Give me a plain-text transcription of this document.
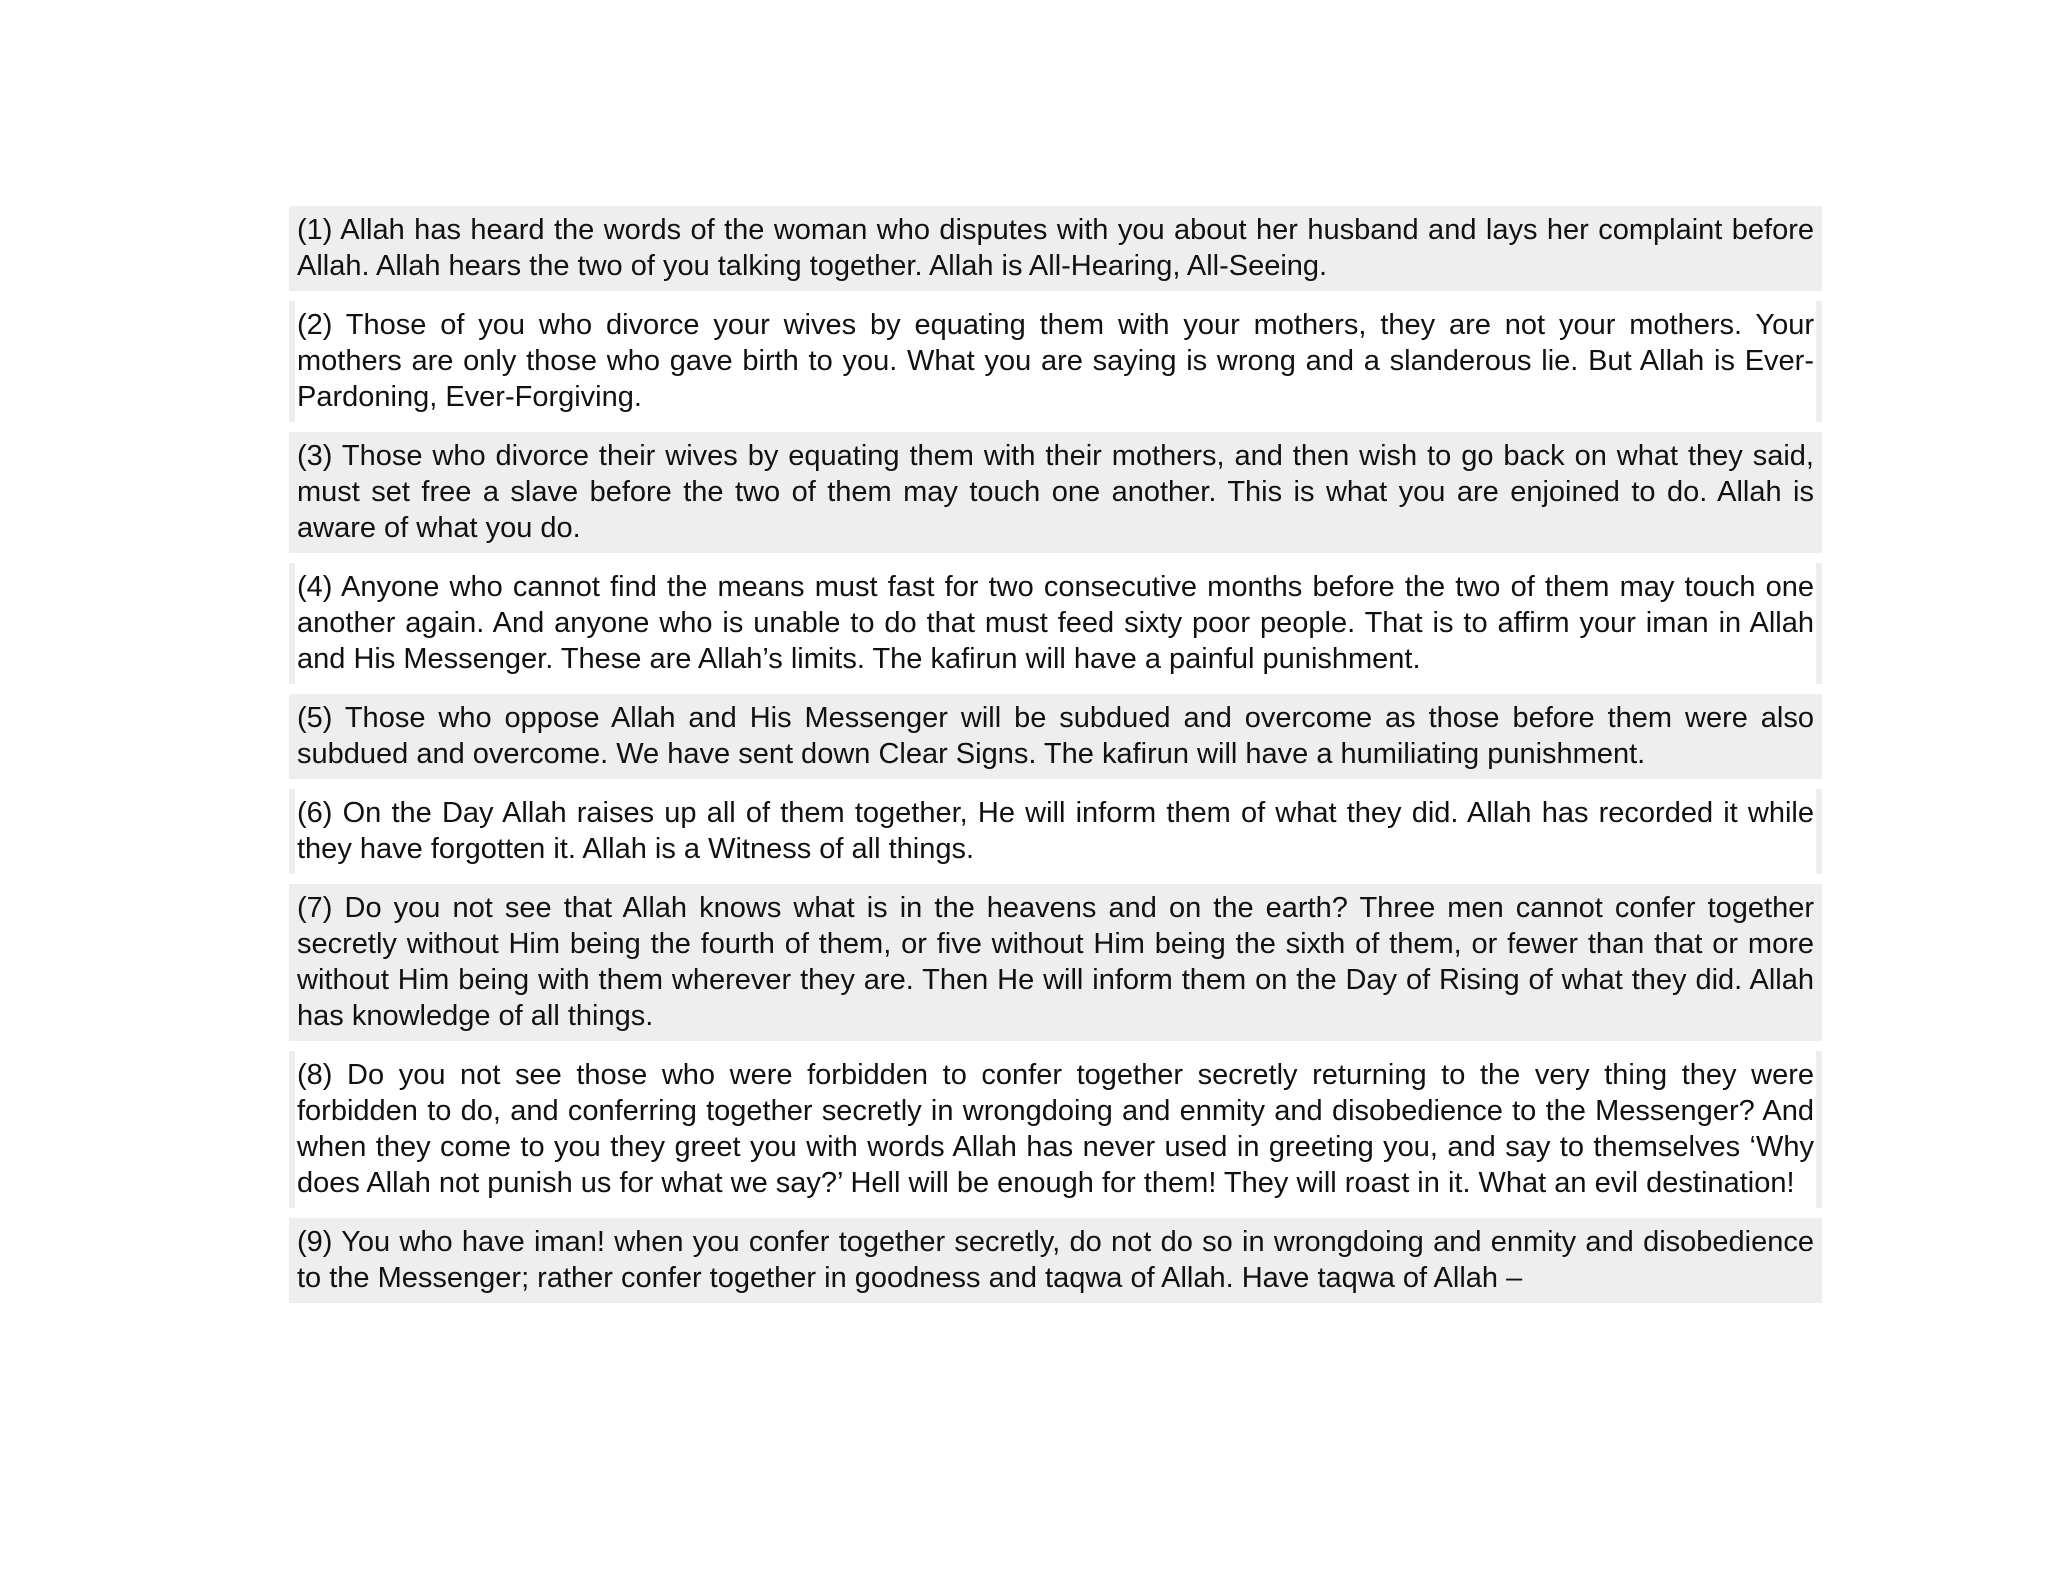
(1) Allah has heard the words of the woman who disputes with you about her husband and lays her complaint before Allah. Allah hears the two of you talking together. Allah is All-Hearing, All-Seeing.
(2) Those of you who divorce your wives by equating them with your mothers, they are not your mothers. Your mothers are only those who gave birth to you. What you are saying is wrong and a slanderous lie. But Allah is Ever-Pardoning, Ever-Forgiving.
(3) Those who divorce their wives by equating them with their mothers, and then wish to go back on what they said, must set free a slave before the two of them may touch one another. This is what you are enjoined to do. Allah is aware of what you do.
(4) Anyone who cannot find the means must fast for two consecutive months before the two of them may touch one another again. And anyone who is unable to do that must feed sixty poor people. That is to affirm your iman in Allah and His Messenger. These are Allah’s limits. The kafirun will have a painful punishment.
(5) Those who oppose Allah and His Messenger will be subdued and overcome as those before them were also subdued and overcome. We have sent down Clear Signs. The kafirun will have a humiliating punishment.
(6) On the Day Allah raises up all of them together, He will inform them of what they did. Allah has recorded it while they have forgotten it. Allah is a Witness of all things.
(7) Do you not see that Allah knows what is in the heavens and on the earth? Three men cannot confer together secretly without Him being the fourth of them, or five without Him being the sixth of them, or fewer than that or more without Him being with them wherever they are. Then He will inform them on the Day of Rising of what they did. Allah has knowledge of all things.
(8) Do you not see those who were forbidden to confer together secretly returning to the very thing they were forbidden to do, and conferring together secretly in wrongdoing and enmity and disobedience to the Messenger? And when they come to you they greet you with words Allah has never used in greeting you, and say to themselves ‘Why does Allah not punish us for what we say?’ Hell will be enough for them! They will roast in it. What an evil destination!
(9) You who have iman! when you confer together secretly, do not do so in wrongdoing and enmity and disobedience to the Messenger; rather confer together in goodness and taqwa of Allah. Have taqwa of Allah –
